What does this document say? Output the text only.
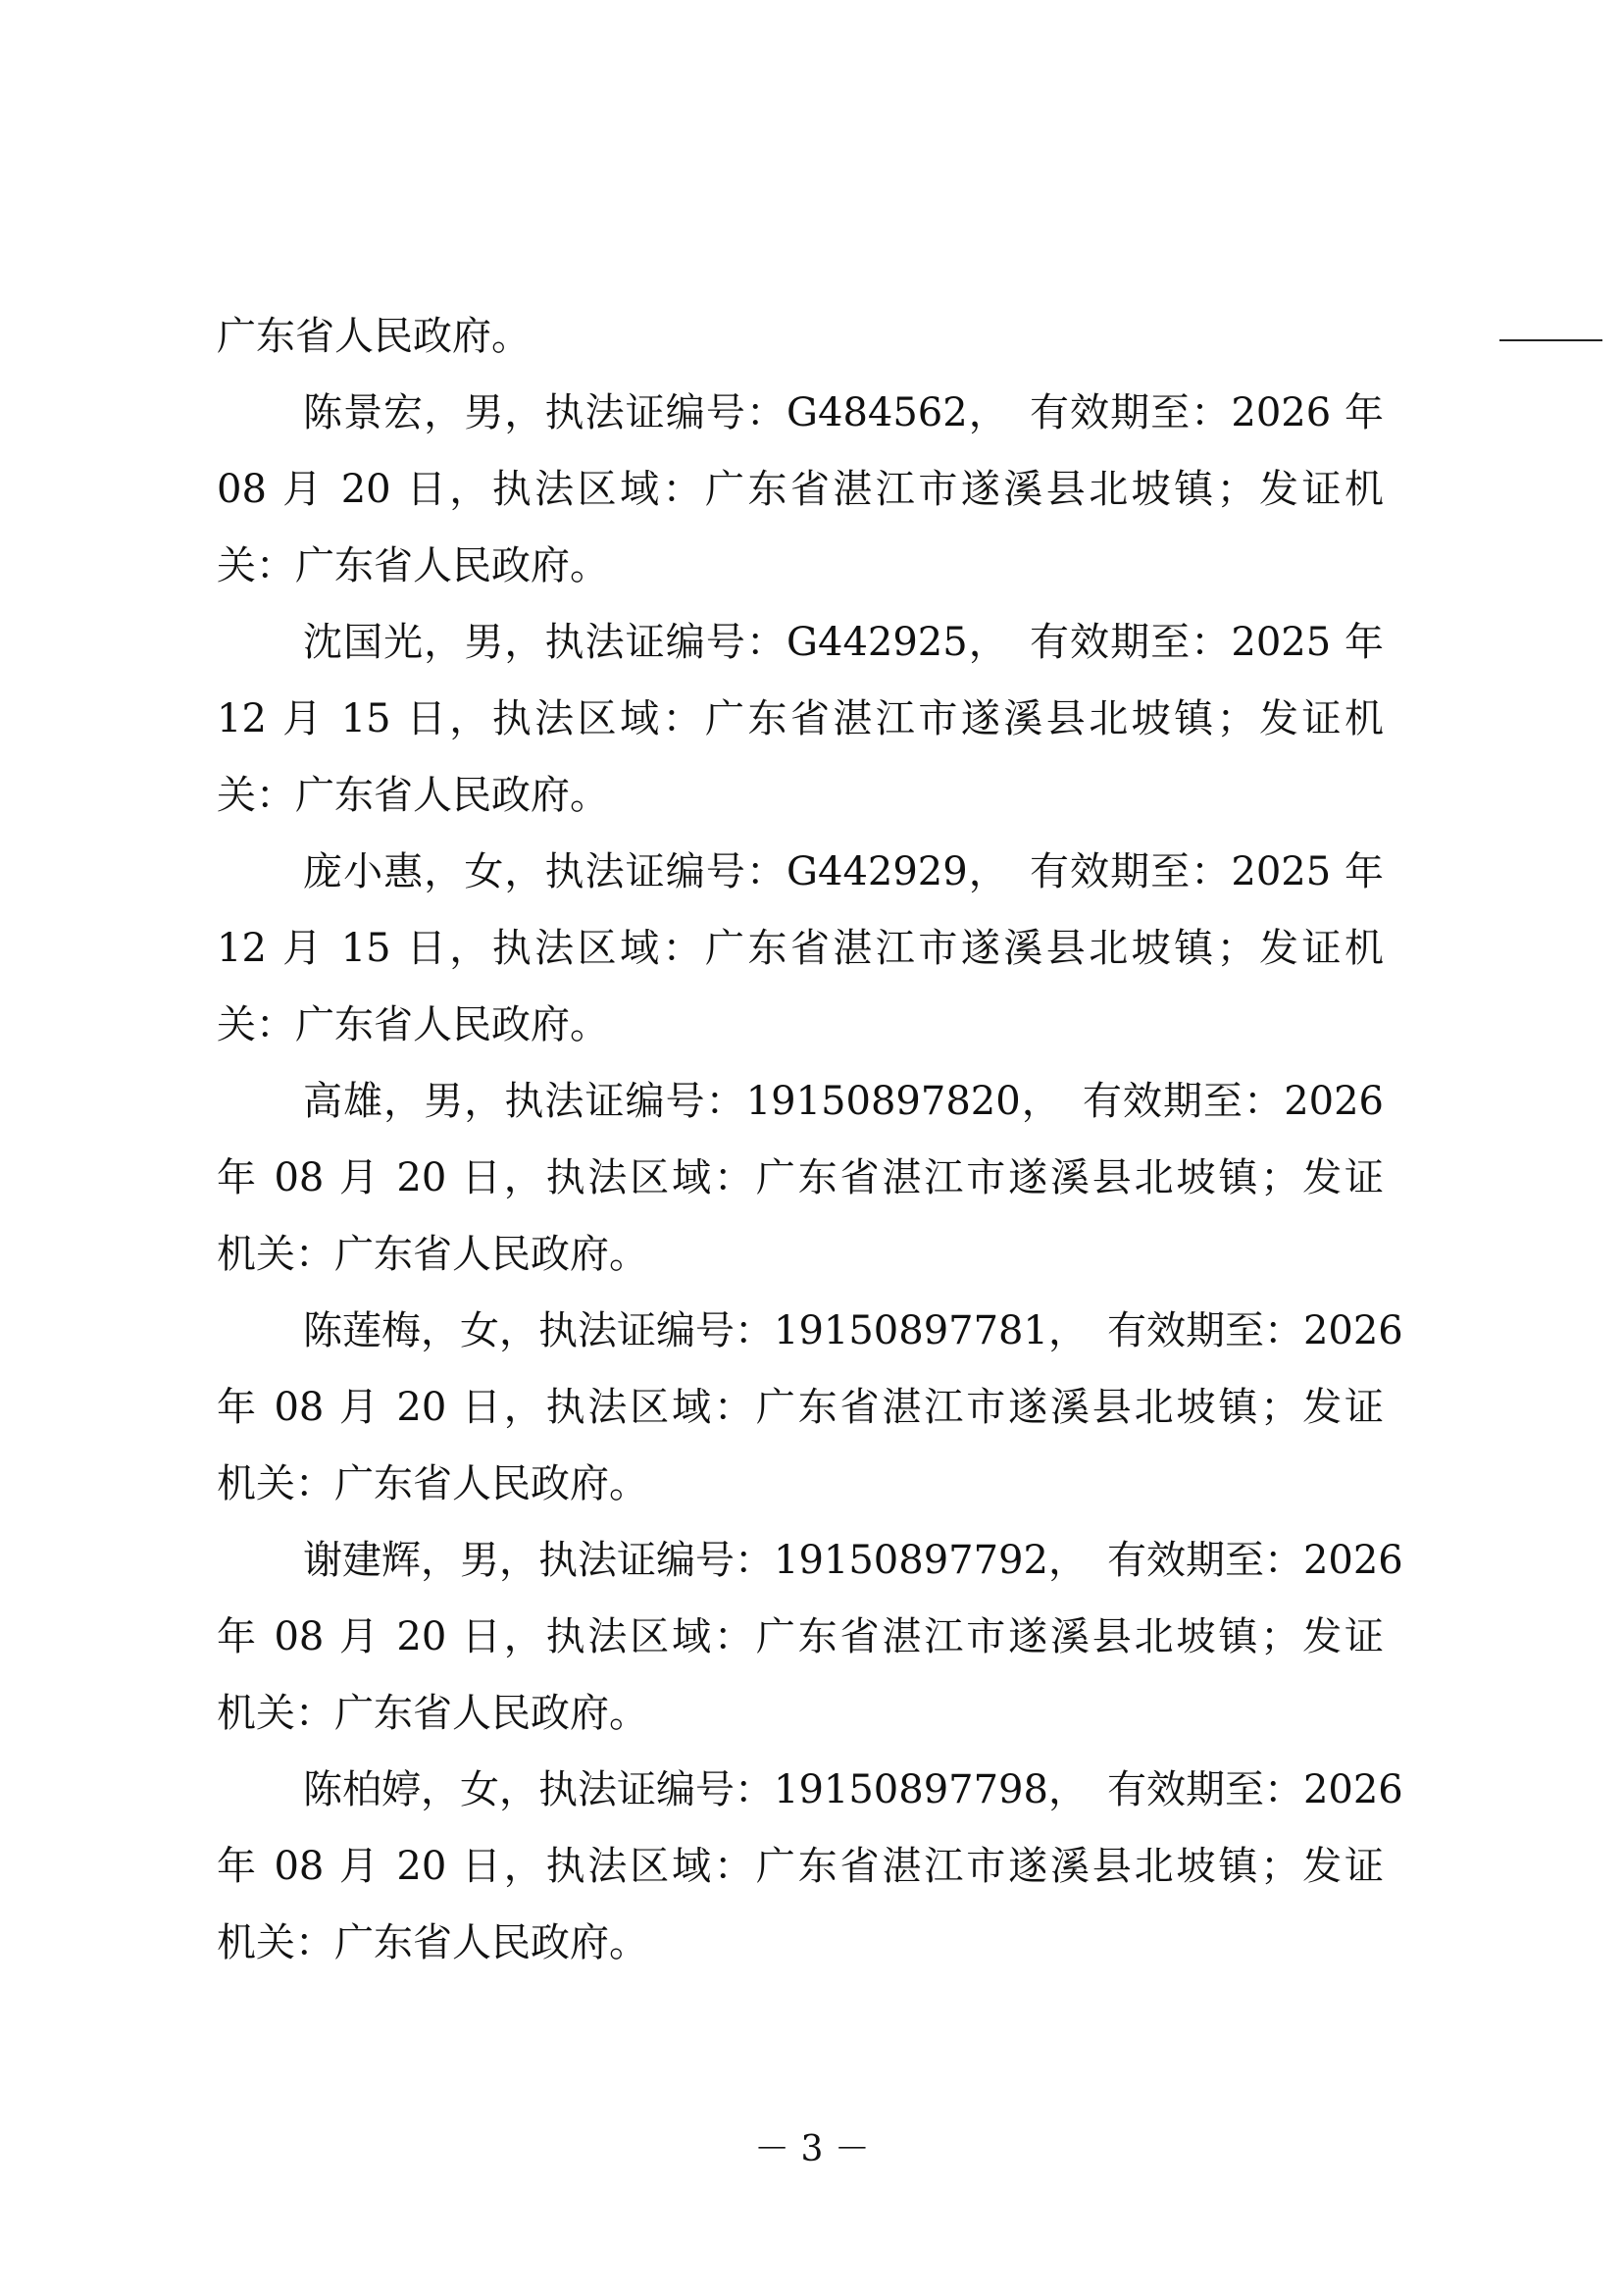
广东省人民政府。
陈景宏，男，执法证编号：G484562，　有效期至：2026 年
08 月 20 日，执法区域：广东省湛江市遂溪县北坡镇；发证机
关：广东省人民政府。
沈国光，男，执法证编号：G442925，　有效期至：2025 年
12 月 15 日，执法区域：广东省湛江市遂溪县北坡镇；发证机
关：广东省人民政府。
庞小惠，女，执法证编号：G442929，　有效期至：2025 年
12 月 15 日，执法区域：广东省湛江市遂溪县北坡镇；发证机
关：广东省人民政府。
高雄，男，执法证编号：19150897820，　有效期至：2026
年 08 月 20 日，执法区域：广东省湛江市遂溪县北坡镇；发证
机关：广东省人民政府。
陈莲梅，女，执法证编号：19150897781，　有效期至：2026
年 08 月 20 日，执法区域：广东省湛江市遂溪县北坡镇；发证
机关：广东省人民政府。
谢建辉，男，执法证编号：19150897792，　有效期至：2026
年 08 月 20 日，执法区域：广东省湛江市遂溪县北坡镇；发证
机关：广东省人民政府。
陈柏婷，女，执法证编号：19150897798，　有效期至：2026
年 08 月 20 日，执法区域：广东省湛江市遂溪县北坡镇；发证
机关：广东省人民政府。
－ 3 －
